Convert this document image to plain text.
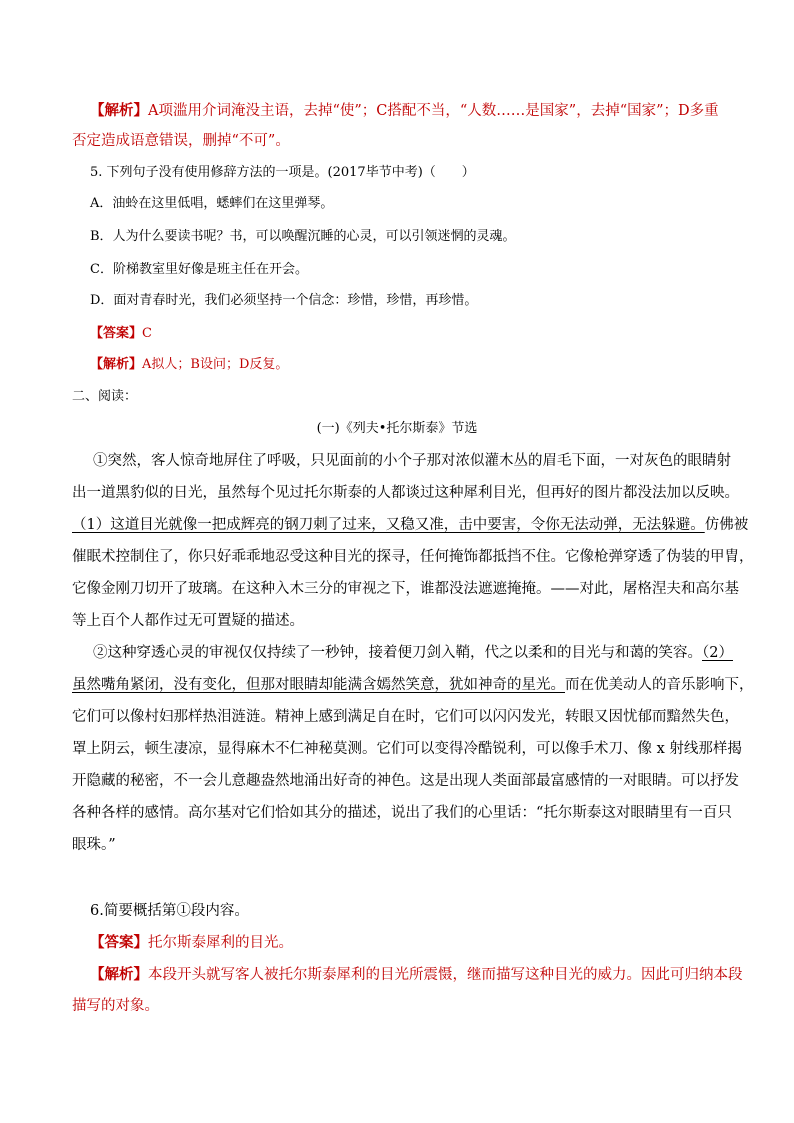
【解析】A项滥用介词淹没主语，去掉“使”；C搭配不当，“人数……是国家”，去掉“国家”；D多重
否定造成语意错误，删掉“不可”。
5. 下列句子没有使用修辞方法的一项是。(2017毕节中考)（　　）
A．油蛉在这里低唱，蟋蟀们在这里弹琴。
B．人为什么要读书呢？书，可以唤醒沉睡的心灵，可以引领迷惘的灵魂。
C．阶梯教室里好像是班主任在开会。
D．面对青春时光，我们必须坚持一个信念：珍惜，珍惜，再珍惜。
【答案】C
【解析】A拟人；B设问；D反复。
二、阅读：
(一)《列夫•托尔斯泰》节选
①突然，客人惊奇地屏住了呼吸，只见面前的小个子那对浓似灌木丛的眉毛下面，一对灰色的眼睛射
出一道黑豹似的日光，虽然每个见过托尔斯泰的人都谈过这种犀利目光，但再好的图片都没法加以反映。
（1）这道目光就像一把成辉亮的钢刀刺了过来，又稳又准，击中要害，令你无法动弹，无法躲避。仿佛被
催眠术控制住了，你只好乖乖地忍受这种目光的探寻，任何掩饰都抵挡不住。它像枪弹穿透了伪装的甲胄，
它像金刚刀切开了玻璃。在这种入木三分的审视之下，谁都没法遮遮掩掩。——对此，屠格涅夫和高尔基
等上百个人都作过无可置疑的描述。
②这种穿透心灵的审视仅仅持续了一秒钟，接着便刀剑入鞘，代之以柔和的目光与和蔼的笑容。（2）
虽然嘴角紧闭，没有变化，但那对眼睛却能满含嫣然笑意，犹如神奇的星光。而在优美动人的音乐影响下，
它们可以像村妇那样热泪涟涟。精神上感到满足自在时，它们可以闪闪发光，转眼又因忧郁而黯然失色，
罩上阴云，顿生凄凉，显得麻木不仁神秘莫测。它们可以变得冷酷锐利，可以像手术刀、像 x 射线那样揭
开隐藏的秘密，不一会儿意趣盎然地涌出好奇的神色。这是出现人类面部最富感情的一对眼睛。可以抒发
各种各样的感情。高尔基对它们恰如其分的描述，说出了我们的心里话：“托尔斯泰这对眼睛里有一百只
眼珠。”
6.简要概括第①段内容。
【答案】托尔斯泰犀利的目光。
【解析】本段开头就写客人被托尔斯泰犀利的目光所震慑，继而描写这种目光的威力。因此可归纳本段
描写的对象。
